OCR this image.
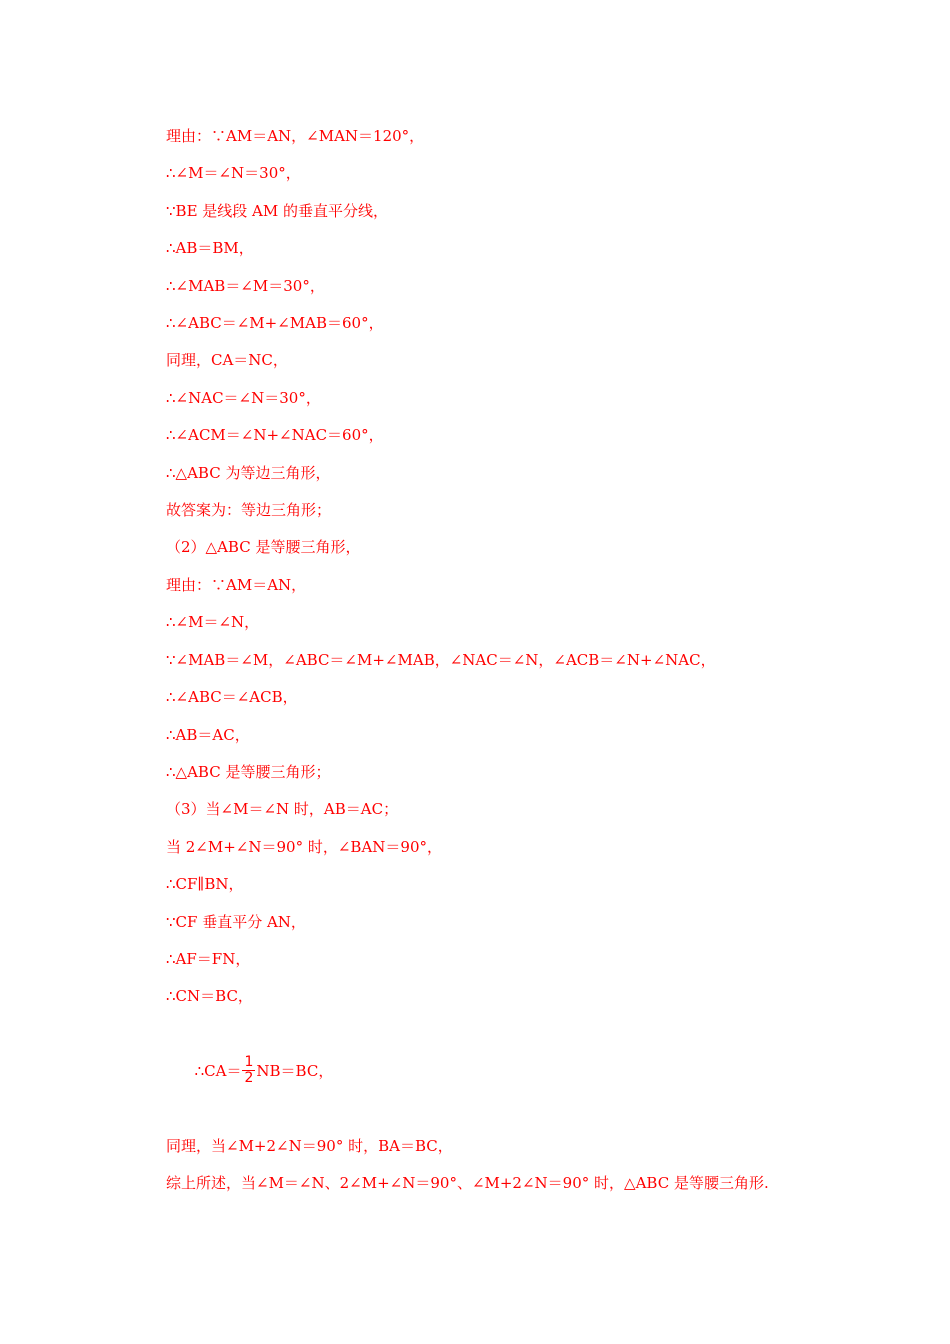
理由：∵AM＝AN，∠MAN＝120°，
∴∠M＝∠N＝30°，
∵BE 是线段 AM 的垂直平分线，
∴AB＝BM，
∴∠MAB＝∠M＝30°，
∴∠ABC＝∠M+∠MAB＝60°，
同理，CA＝NC，
∴∠NAC＝∠N＝30°，
∴∠ACM＝∠N+∠NAC＝60°，
∴△ABC 为等边三角形，
故答案为：等边三角形；
（2）△ABC 是等腰三角形，
理由：∵AM＝AN，
∴∠M＝∠N，
∵∠MAB＝∠M，∠ABC＝∠M+∠MAB，∠NAC＝∠N，∠ACB＝∠N+∠NAC，
∴∠ABC＝∠ACB，
∴AB＝AC，
∴△ABC 是等腰三角形；
（3）当∠M＝∠N 时，AB＝AC；
当 2∠M+∠N＝90° 时，∠BAN＝90°，
∴CF∥BN，
∵CF 垂直平分 AN，
∴AF＝FN，
∴CN＝BC，

∴CA＝ $\frac{1}{2} NB=BC$，

同理，当∠M+2∠N＝90° 时，BA＝BC，
综上所述，当∠M＝∠N、2∠M+∠N＝90°、∠M+2∠N＝90° 时，△ABC 是等腰三角形.
